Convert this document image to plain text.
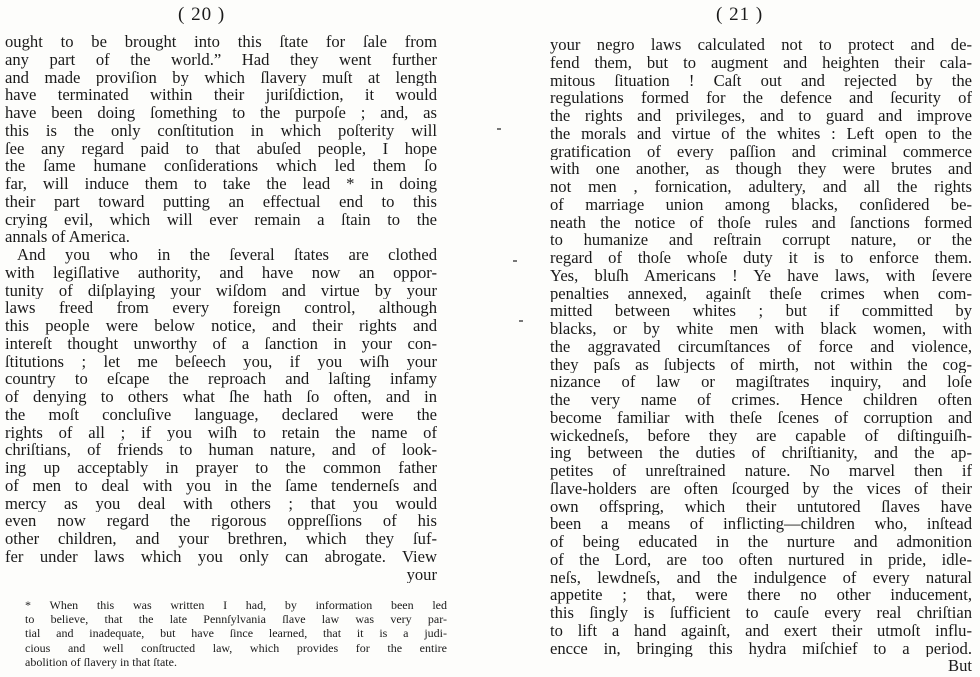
( 20 )
ought to be brought into this ſtate for ſale from
any part of the world.” Had they went further
and made proviſion by which ſlavery muſt at length
have terminated within their juriſdiction, it would
have been doing ſomething to the purpoſe ; and, as
this is the only conſtitution in which poſterity will
ſee any regard paid to that abuſed people, I hope
the ſame humane conſiderations which led them ſo
far, will induce them to take the lead * in doing
their part toward putting an effectual end to this
crying evil, which will ever remain a ſtain to the
annals of America.
And you who in the ſeveral ſtates are clothed
with legiſlative authority, and have now an oppor-
tunity of diſplaying your wiſdom and virtue by your
laws freed from every foreign control, although
this people were below notice, and their rights and
intereſt thought unworthy of a ſanction in your con-
ſtitutions ; let me beſeech you, if you wiſh your
country to eſcape the reproach and laſting infamy
of denying to others what ſhe hath ſo often, and in
the moſt concluſive language, declared were the
rights of all ; if you wiſh to retain the name of
chriſtians, of friends to human nature, and of look-
ing up acceptably in prayer to the common father
of men to deal with you in the ſame tenderneſs and
mercy as you deal with others ; that you would
even now regard the rigorous oppreſſions of his
other children, and your brethren, which they ſuf-
fer under laws which you only can abrogate. View
your
* When this was written I had, by information been led
to believe, that the late Pennſylvania ſlave law was very par-
tial and inadequate, but have ſince learned, that it is a judi-
cious and well conſtructed law, which provides for the entire
abolition of ſlavery in that ſtate.
( 21 )
your negro laws calculated not to protect and de-
fend them, but to augment and heighten their cala-
mitous ſituation ! Caſt out and rejected by the
regulations formed for the defence and ſecurity of
the rights and privileges, and to guard and improve
the morals and virtue of the whites : Left open to the
gratification of every paſſion and criminal commerce
with one another, as though they were brutes and
not men , fornication, adultery, and all the rights
of marriage union among blacks, conſidered be-
neath the notice of thoſe rules and ſanctions formed
to humanize and reſtrain corrupt nature, or the
regard of thoſe whoſe duty it is to enforce them.
Yes, bluſh Americans ! Ye have laws, with ſevere
penalties annexed, againſt theſe crimes when com-
mitted between whites ; but if committed by
blacks, or by white men with black women, with
the aggravated circumſtances of force and violence,
they paſs as ſubjects of mirth, not within the cog-
nizance of law or magiſtrates inquiry, and loſe
the very name of crimes. Hence children often
become familiar with theſe ſcenes of corruption and
wickedneſs, before they are capable of diſtinguiſh-
ing between the duties of chriſtianity, and the ap-
petites of unreſtrained nature. No marvel then if
ſlave-holders are often ſcourged by the vices of their
own offspring, which their untutored ſlaves have
been a means of inflicting—children who, inſtead
of being educated in the nurture and admonition
of the Lord, are too often nurtured in pride, idle-
neſs, lewdneſs, and the indulgence of every natural
appetite ; that, were there no other inducement,
this ſingly is ſufficient to cauſe every real chriſtian
to lift a hand againſt, and exert their utmoſt influ-
encce in, bringing this hydra miſchief to a period.
But
